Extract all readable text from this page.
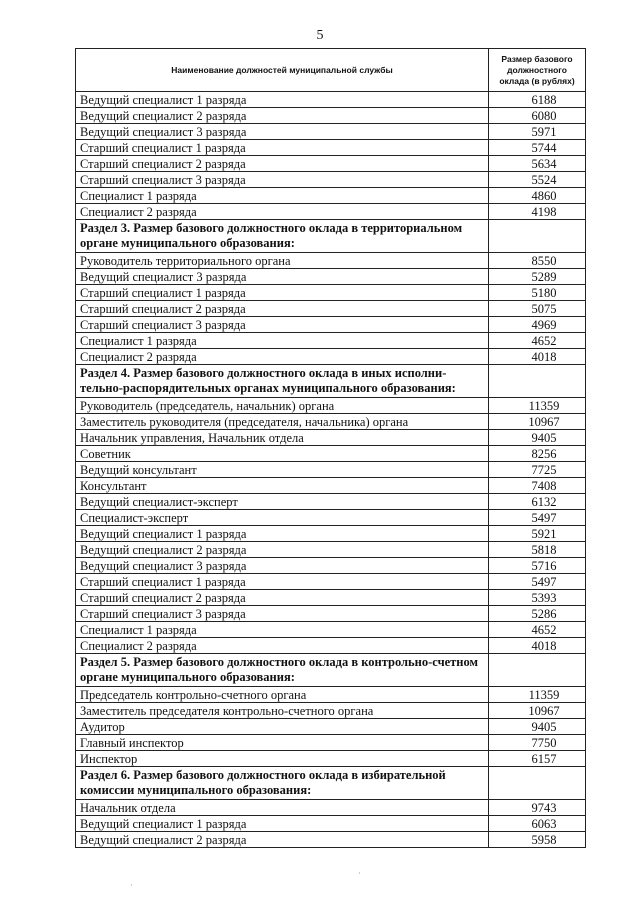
5
Наименование должностей муниципальной службы	Размер базового должностного оклада (в рублях)
Ведущий специалист 1 разряда	6188
Ведущий специалист 2 разряда	6080
Ведущий специалист 3 разряда	5971
Старший специалист 1 разряда	5744
Старший специалист 2 разряда	5634
Старший специалист 3 разряда	5524
Специалист 1 разряда	4860
Специалист 2 разряда	4198
Раздел 3. Размер базового должностного оклада в территориальном органе муниципального образования:	
Руководитель территориального органа	8550
Ведущий специалист 3 разряда	5289
Старший специалист 1 разряда	5180
Старший специалист 2 разряда	5075
Старший специалист 3 разряда	4969
Специалист 1 разряда	4652
Специалист 2 разряда	4018
Раздел 4. Размер базового должностного оклада в иных исполни-тельно-распорядительных органах муниципального образования:	
Руководитель (председатель, начальник) органа	11359
Заместитель руководителя (председателя, начальника) органа	10967
Начальник управления, Начальник отдела	9405
Советник	8256
Ведущий консультант	7725
Консультант	7408
Ведущий специалист-эксперт	6132
Специалист-эксперт	5497
Ведущий специалист 1 разряда	5921
Ведущий специалист 2 разряда	5818
Ведущий специалист 3 разряда	5716
Старший специалист 1 разряда	5497
Старший специалист 2 разряда	5393
Старший специалист 3 разряда	5286
Специалист 1 разряда	4652
Специалист 2 разряда	4018
Раздел 5. Размер базового должностного оклада в контрольно-счетном органе муниципального образования:	
Председатель контрольно-счетного органа	11359
Заместитель председателя контрольно-счетного органа	10967
Аудитор	9405
Главный инспектор	7750
Инспектор	6157
Раздел 6. Размер базового должностного оклада в избирательной комиссии муниципального образования:	
Начальник отдела	9743
Ведущий специалист 1 разряда	6063
Ведущий специалист 2 разряда	5958
·
·
